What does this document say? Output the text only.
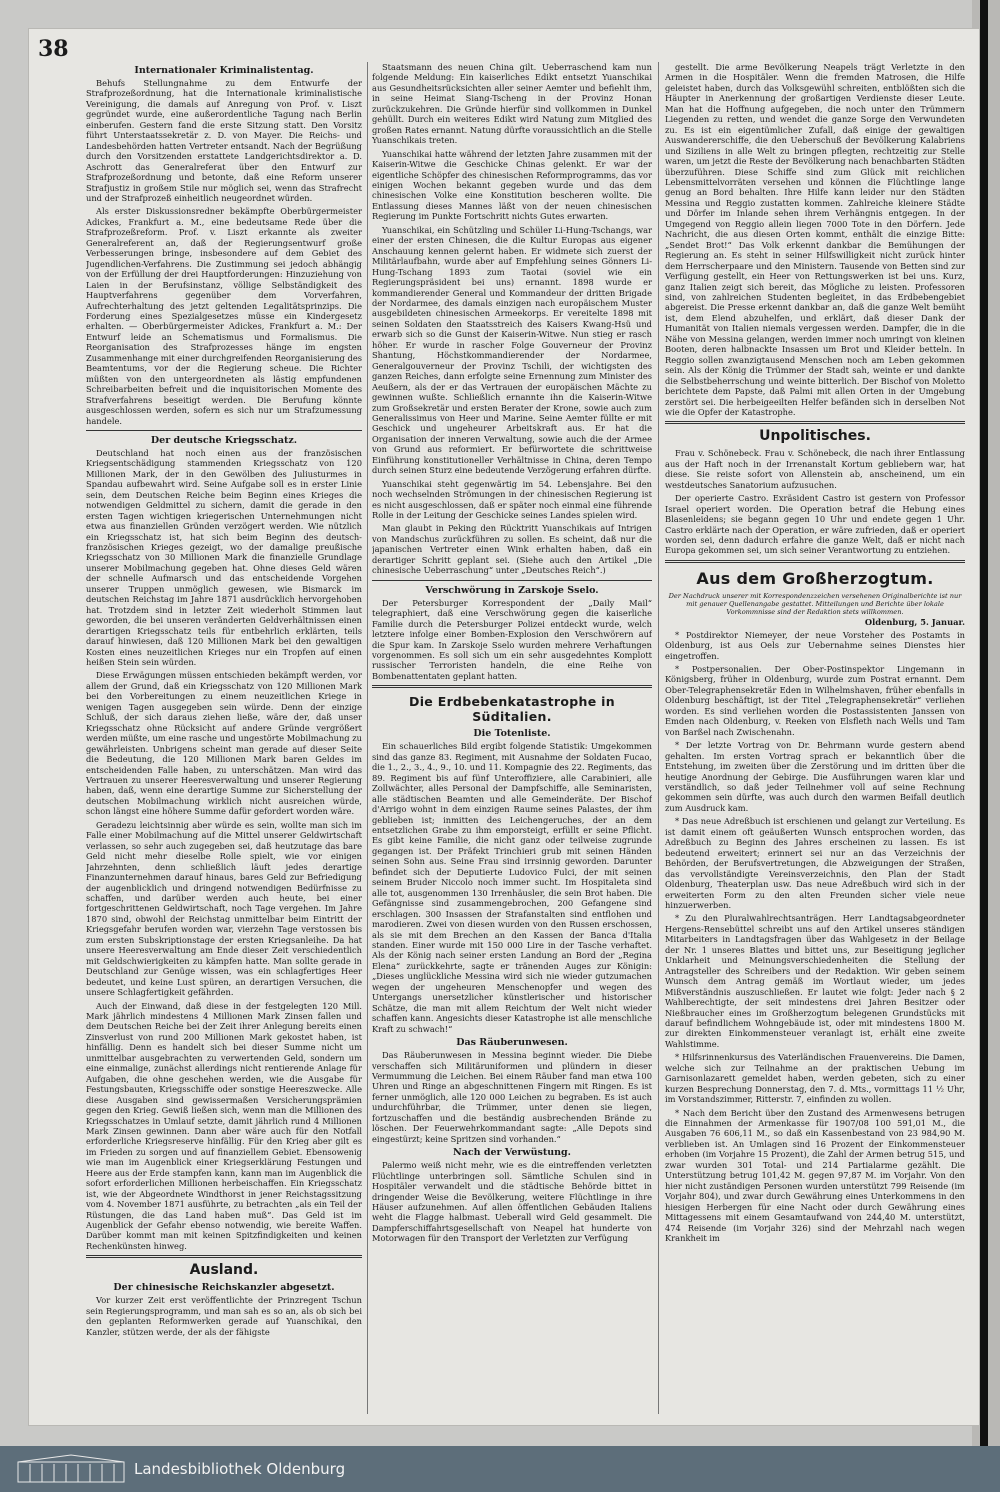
38
Internationaler Kriminalistentag.

Behufs Stellungnahme zu dem Entwurfe der Strafprozeßordnung, hat die Internationale kriminalistische Vereinigung, die damals auf Anregung von Prof. v. Liszt gegründet wurde, eine außerordentliche Tagung nach Berlin einberufen. Gestern fand die erste Sitzung statt. Den Vorsitz führt Unterstaatssekretär z. D. von Mayer. Die Reichs- und Landesbehörden hatten Vertreter entsandt. Nach der Begrüßung durch den Vorsitzenden erstattete Landgerichtsdirektor a. D. Aschrott das Generalreferat über den Entwurf zur Strafprozeßordnung und betonte, daß eine Reform unserer Strafjustiz in großem Stile nur möglich sei, wenn das Strafrecht und der Strafprozeß einheitlich neugeordnet würden.

Als erster Diskussionsredner bekämpfte Oberbürgermeister Adickes, Frankfurt a. M., eine bedeutsame Rede über die Strafprozeßreform. Prof. v. Liszt erkannte als zweiter Generalreferent an, daß der Regierungsentwurf große Verbesserungen bringe, insbesondere auf dem Gebiet des Jugendlichen-Verfahrens. Die Zustimmung sei jedoch abhängig von der Erfüllung der drei Hauptforderungen: Hinzuziehung von Laien in der Berufsinstanz, völlige Selbständigkeit des Hauptverfahrens gegenüber dem Vorverfahren, Aufrechterhaltung des jetzt geltenden Legalitätsprinzips. Die Forderung eines Spezialgesetzes müsse ein Kindergesetz erhalten. — Oberbürgermeister Adickes, Frankfurt a. M.: Der Entwurf leide an Schematismus und Formalismus. Die Reorganisation des Strafprozesses hänge im engsten Zusammenhange mit einer durchgreifenden Reorganisierung des Beamtentums, vor der die Regierung scheue. Die Richter müßten von den untergeordneten als lästig empfundenen Schreibarbeiten befreit und die inquisitorischen Momente des Strafverfahrens beseitigt werden. Die Berufung könnte ausgeschlossen werden, sofern es sich nur um Strafzumessung handele.

Der deutsche Kriegsschatz.

Deutschland hat noch einen aus der französischen Kriegsentschädigung stammenden Kriegsschatz von 120 Millionen Mark, der in den Gewölben des Juliusturmes in Spandau aufbewahrt wird. Seine Aufgabe soll es in erster Linie sein, dem Deutschen Reiche beim Beginn eines Krieges die notwendigen Geldmittel zu sichern, damit die gerade in den ersten Tagen wichtigen kriegerischen Unternehmungen nicht etwa aus finanziellen Gründen verzögert werden. Wie nützlich ein Kriegsschatz ist, hat sich beim Beginn des deutsch-französischen Krieges gezeigt, wo der damalige preußische Kriegsschatz von 30 Millionen Mark die finanzielle Grundlage unserer Mobilmachung gegeben hat. Ohne dieses Geld wären der schnelle Aufmarsch und das entscheidende Vorgehen unserer Truppen unmöglich gewesen, wie Bismarck im deutschen Reichstag im Jahre 1871 ausdrücklich hervorgehoben hat. Trotzdem sind in letzter Zeit wiederholt Stimmen laut geworden, die bei unseren veränderten Geldverhältnissen einen derartigen Kriegsschatz teils für entbehrlich erklärten, teils darauf hinwiesen, daß 120 Millionen Mark bei den gewaltigen Kosten eines neuzeitlichen Krieges nur ein Tropfen auf einen heißen Stein sein würden.

Diese Erwägungen müssen entschieden bekämpft werden, vor allem der Grund, daß ein Kriegsschatz von 120 Millionen Mark bei den Vorbereitungen zu einem neuzeitlichen Kriege in wenigen Tagen ausgegeben sein würde. Denn der einzige Schluß, der sich daraus ziehen ließe, wäre der, daß unser Kriegsschatz ohne Rücksicht auf andere Gründe vergrößert werden müßte, um eine rasche und ungestörte Mobilmachung zu gewährleisten. Unbrigens scheint man gerade auf dieser Seite die Bedeutung, die 120 Millionen Mark baren Geldes im entscheidenden Falle haben, zu unterschätzen. Man wird das Vertrauen zu unserer Heeresverwaltung und unserer Regierung haben, daß, wenn eine derartige Summe zur Sicherstellung der deutschen Mobilmachung wirklich nicht ausreichen würde, schon längst eine höhere Summe dafür gefordert worden wäre.

Geradezu leichtsinnig aber würde es sein, wollte man sich im Falle einer Mobilmachung auf die Mittel unserer Geldwirtschaft verlassen, so sehr auch zugegeben sei, daß heutzutage das bare Geld nicht mehr dieselbe Rolle spielt, wie vor einigen Jahrzehnten, denn schließlich läuft jedes derartige Finanzunternehmen darauf hinaus, bares Geld zur Befriedigung der augenblicklich und dringend notwendigen Bedürfnisse zu schaffen, und darüber werden auch heute, bei einer fortgeschrittenen Geldwirtschaft, noch Tage vergehen. Im Jahre 1870 sind, obwohl der Reichstag unmittelbar beim Eintritt der Kriegsgefahr berufen worden war, vierzehn Tage verstossen bis zum ersten Subskriptionstage der ersten Kriegsanleihe. Da hat unsere Heeresverwaltung am Ende dieser Zeit verschiedentlich mit Geldschwierigkeiten zu kämpfen hatte. Man sollte gerade in Deutschland zur Genüge wissen, was ein schlagfertiges Heer bedeutet, und keine Lust spüren, an derartigen Versuchen, die unsere Schlagfertigkeit gefährden.

Auch der Einwand, daß diese in der festgelegten 120 Mill. Mark jährlich mindestens 4 Millionen Mark Zinsen fallen und dem Deutschen Reiche bei der Zeit ihrer Anlegung bereits einen Zinsverlust von rund 200 Millionen Mark gekostet haben, ist hinfällig. Denn es handelt sich bei dieser Summe nicht um unmittelbar ausgebrachten zu verwertenden Geld, sondern um eine einmalige, zunächst allerdings nicht rentierende Anlage für Aufgaben, die ohne geschehen werden, wie die Ausgabe für Festungsbauten, Kriegsschiffe oder sonstige Heereszwecke. Alle diese Ausgaben sind gewissermaßen Versicherungsprämien gegen den Krieg. Gewiß ließen sich, wenn man die Millionen des Kriegsschatzes in Umlauf setzte, damit jährlich rund 4 Millionen Mark Zinsen gewinnen. Dann aber wäre auch für den Notfall erforderliche Kriegsreserve hinfällig. Für den Krieg aber gilt es im Frieden zu sorgen und auf finanziellem Gebiet. Ebensowenig wie man im Augenblick einer Kriegserklärung Festungen und Heere aus der Erde stampfen kann, kann man im Augenblick die sofort erforderlichen Millionen herbeischaffen. Ein Kriegsschatz ist, wie der Abgeordnete Windthorst in jener Reichstagssitzung vom 4. November 1871 ausführte, zu betrachten „als ein Teil der Rüstungen, die das Land haben muß“. Das Geld ist im Augenblick der Gefahr ebenso notwendig, wie bereite Waffen. Darüber kommt man mit keinen Spitzfindigkeiten und keinen Rechenkünsten hinweg.

Ausland.
Der chinesische Reichskanzler abgesetzt.

Vor kurzer Zeit erst veröffentlichte der Prinzregent Tschun sein Regierungsprogramm, und man sah es so an, als ob sich bei den geplanten Reformwerken gerade auf Yuanschikai, den Kanzler, stützen werde, der als der fähigste

Staatsmann des neuen China gilt. Ueberraschend kam nun folgende Meldung: Ein kaiserliches Edikt entsetzt Yuanschikai aus Gesundheitsrücksichten aller seiner Aemter und befiehlt ihm, in seine Heimat Siang-Tscheng in der Provinz Honan zurückzukehren. Die Gründe hierfür sind vollkommen in Dunkel gehüllt. Durch ein weiteres Edikt wird Natung zum Mitglied des großen Rates ernannt. Natung dürfte voraussichtlich an die Stelle Yuanschikais treten.

Yuanschikai hatte während der letzten Jahre zusammen mit der Kaiserin-Witwe die Geschicke Chinas gelenkt. Er war der eigentliche Schöpfer des chinesischen Reformprogramms, das vor einigen Wochen bekannt gegeben wurde und das dem chinesischen Volke eine Konstitution bescheren wollte. Die Entlassung dieses Mannes läßt von der neuen chinesischen Regierung im Punkte Fortschritt nichts Gutes erwarten.

Yuanschikai, ein Schützling und Schüler Li-Hung-Tschangs, war einer der ersten Chinesen, die die Kultur Europas aus eigener Anschauung kennen gelernt haben. Er widmete sich zuerst der Militärlaufbahn, wurde aber auf Empfehlung seines Gönners Li-Hung-Tschang 1893 zum Taotai (soviel wie ein Regierungspräsident bei uns) ernannt. 1898 wurde er kommandierender General und Kommandeur der dritten Brigade der Nordarmee, des damals einzigen nach europäischem Muster ausgebildeten chinesischen Armeekorps. Er vereitelte 1898 mit seinen Soldaten den Staatsstreich des Kaisers Kwang-Hsü und erwarb sich so die Gunst der Kaiserin-Witwe. Nun stieg er rasch höher. Er wurde in rascher Folge Gouverneur der Provinz Shantung, Höchstkommandierender der Nordarmee, Generalgouverneur der Provinz Tschili, der wichtigsten des ganzen Reiches, dann erfolgte seine Ernennung zum Minister des Aeußern, als der er das Vertrauen der europäischen Mächte zu gewinnen wußte. Schließlich ernannte ihn die Kaiserin-Witwe zum Großsekretär und ersten Berater der Krone, sowie auch zum Generalissimus von Heer und Marine. Seine Aemter füllte er mit Geschick und ungeheurer Arbeitskraft aus. Er hat die Organisation der inneren Verwaltung, sowie auch die der Armee von Grund aus reformiert. Er befürwortete die schrittweise Einführung konstitutioneller Verhältnisse in China, deren Tempo durch seinen Sturz eine bedeutende Verzögerung erfahren dürfte.

Yuanschikai steht gegenwärtig im 54. Lebensjahre. Bei den noch wechselnden Strömungen in der chinesischen Regierung ist es nicht ausgeschlossen, daß er später noch einmal eine führende Rolle in der Leitung der Geschicke seines Landes spielen wird.

Man glaubt in Peking den Rücktritt Yuanschikais auf Intrigen von Mandschus zurückführen zu sollen. Es scheint, daß nur die japanischen Vertreter einen Wink erhalten haben, daß ein derartiger Schritt geplant sei. (Siehe auch den Artikel „Die chinesische Ueberraschung“ unter „Deutsches Reich“.)

Verschwörung in Zarskoje Sselo.

Der Petersburger Korrespondent der „Daily Mail“ telegraphiert, daß eine Verschwörung gegen die kaiserliche Familie durch die Petersburger Polizei entdeckt wurde, welch letztere infolge einer Bomben-Explosion den Verschwörern auf die Spur kam. In Zarskoje Sselo wurden mehrere Verhaftungen vorgenommen. Es soll sich um ein sehr ausgedehntes Komplott russischer Terroristen handeln, die eine Reihe von Bombenattentaten geplant hatten.

Die Erdbebenkatastrophe in Süditalien.
Die Totenliste.

Ein schauerliches Bild ergibt folgende Statistik: Umgekommen sind das ganze 83. Regiment, mit Ausnahme der Soldaten Fucao, die 1., 2., 3., 4., 9., 10. und 11. Kompagnie des 22. Regiments, das 89. Regiment bis auf fünf Unteroffiziere, alle Carabinieri, alle Zollwächter, alles Personal der Dampfschiffe, alle Seminaristen, alle städtischen Beamten und alle Gemeinderäte. Der Bischof d'Arrigo wohnt in dem einzigen Raume seines Palastes, der ihm geblieben ist; inmitten des Leichengeruches, der an dem entsetzlichen Grabe zu ihm emporsteigt, erfüllt er seine Pflicht. Es gibt keine Familie, die nicht ganz oder teilweise zugrunde gegangen ist. Der Präfekt Trinchieri grub mit seinen Händen seinen Sohn aus. Seine Frau sind irrsinnig geworden. Darunter befindet sich der Deputierte Ludovico Fulci, der mit seinen seinem Bruder Niccolo noch immer sucht. Im Hospitaleta sind alle tot, ausgenommen 130 Irrenhäusler, die sein Brot haben. Die Gefängnisse sind zusammengebrochen, 200 Gefangene sind erschlagen. 300 Insassen der Strafanstalten sind entflohen und marodieren. Zwei von diesen wurden von den Russen erschossen, als sie mit dem Brechen an den Kassen der Banca d'Italia standen. Einer wurde mit 150 000 Lire in der Tasche verhaftet. Als der König nach seiner ersten Landung an Bord der „Regina Elena“ zurückkehrte, sagte er tränenden Auges zur Königin: „Dieses unglückliche Messina wird sich nie wieder gutzumachen wegen der ungeheuren Menschenopfer und wegen des Untergangs unersetzlicher künstlerischer und historischer Schätze, die man mit allem Reichtum der Welt nicht wieder schaffen kann. Angesichts dieser Katastrophe ist alle menschliche Kraft zu schwach!“

Das Räuberunwesen.

Das Räuberunwesen in Messina beginnt wieder. Die Diebe verschaffen sich Militäruniformen und plündern in dieser Vermummung die Leichen. Bei einem Räuber fand man etwa 100 Uhren und Ringe an abgeschnittenen Fingern mit Ringen. Es ist ferner unmöglich, alle 120 000 Leichen zu begraben. Es ist auch undurchführbar, die Trümmer, unter denen sie liegen, fortzuschaffen und die beständig ausbrechenden Brände zu löschen. Der Feuerwehrkommandant sagte: „Alle Depots sind eingestürzt; keine Spritzen sind vorhanden.“

Nach der Verwüstung.

Palermo weiß nicht mehr, wie es die eintreffenden verletzten Flüchtlinge unterbringen soll. Sämtliche Schulen sind in Hospitäler verwandelt und die städtische Behörde bittet in dringender Weise die Bevölkerung, weitere Flüchtlinge in ihre Häuser aufzunehmen. Auf allen öffentlichen Gebäuden Italiens weht die Flagge halbmast. Ueberall wird Geld gesammelt. Die Dampferschiffahrtsgesellschaft von Neapel hat hunderte von Motorwagen für den Transport der Verletzten zur Verfügung

gestellt. Die arme Bevölkerung Neapels trägt Verletzte in den Armen in die Hospitäler. Wenn die fremden Matrosen, die Hilfe geleistet haben, durch das Volksgewühl schreiten, entblößten sich die Häupter in Anerkennung der großartigen Verdienste dieser Leute. Man hat die Hoffnung aufgegeben, die noch unter den Trümmern Liegenden zu retten, und wendet die ganze Sorge den Verwundeten zu. Es ist ein eigentümlicher Zufall, daß einige der gewaltigen Auswandererschiffe, die den Ueberschuß der Bevölkerung Kalabriens und Siziliens in alle Welt zu bringen pflegten, rechtzeitig zur Stelle waren, um jetzt die Reste der Bevölkerung nach benachbarten Städten überzuführen. Diese Schiffe sind zum Glück mit reichlichen Lebensmittelvorräten versehen und können die Flüchtlinge lange genug an Bord behalten. Ihre Hilfe kann leider nur den Städten Messina und Reggio zustatten kommen. Zahlreiche kleinere Städte und Dörfer im Inlande sehen ihrem Verhängnis entgegen. In der Umgegend von Reggio allein liegen 7000 Tote in den Dörfern. Jede Nachricht, die aus diesen Orten kommt, enthält die einzige Bitte: „Sendet Brot!“ Das Volk erkennt dankbar die Bemühungen der Regierung an. Es steht in seiner Hilfswilligkeit nicht zurück hinter dem Herrscherpaare und den Ministern. Tausende von Betten sind zur Verfügung gestellt, ein Heer von Rettungswerken ist bei uns. Kurz, ganz Italien zeigt sich bereit, das Mögliche zu leisten. Professoren sind, von zahlreichen Studenten begleitet, in das Erdbebengebiet abgereist. Die Presse erkennt dankbar an, daß die ganze Welt bemüht ist, dem Elend abzuhelfen, und erklärt, daß dieser Dank der Humanität von Italien niemals vergessen werden. Dampfer, die in die Nähe von Messina gelangen, werden immer noch umringt von kleinen Booten, deren halbnackte Insassen um Brot und Kleider betteln. In Reggio sollen zwanzigtausend Menschen noch am Leben gekommen sein. Als der König die Trümmer der Stadt sah, weinte er und dankte die Selbstbeherrschung und weinte bitterlich. Der Bischof von Moletto berichtete dem Papste, daß Palmi mit allen Orten in der Umgebung zerstört sei. Die herbeigeeilten Helfer befänden sich in derselben Not wie die Opfer der Katastrophe.

Unpolitisches.

Frau v. Schönebeck. Frau v. Schönebeck, die nach ihrer Entlassung aus der Haft noch in der Irrenanstalt Kortum gebliebern war, hat diese. Sie reiste sofort von Allenstein ab, anscheinend, um ein westdeutsches Sanatorium aufzusuchen.

Der operierte Castro. Exräsident Castro ist gestern von Professor Israel operiert worden. Die Operation betraf die Hebung eines Blasenleidens; sie begann gegen 10 Uhr und endete gegen 1 Uhr. Castro erklärte nach der Operation, er wäre zufrieden, daß er operiert worden sei, denn dadurch erfahre die ganze Welt, daß er nicht nach Europa gekommen sei, um sich seiner Verantwortung zu entziehen.

Aus dem Großherzogtum.

Der Nachdruck unserer mit Korrespondenzzeichen versehenen Originalberichte ist nur mit genauer Quellenangabe gestattet. Mitteilungen und Berichte über lokale Vorkommnisse sind der Redaktion stets willkommen.

Oldenburg, 5. Januar.

* Postdirektor Niemeyer, der neue Vorsteher des Postamts in Oldenburg, ist aus Oels zur Uebernahme seines Dienstes hier eingetroffen.

* Postpersonalien. Der Ober-Postinspektor Lingemann in Königsberg, früher in Oldenburg, wurde zum Postrat ernannt. Dem Ober-Telegraphensekretär Eden in Wilhelmshaven, früher ebenfalls in Oldenburg beschäftigt, ist der Titel „Telegraphensekretär“ verliehen worden. Es sind verliehen worden die Postassistenten Janssen von Emden nach Oldenburg, v. Reeken von Elsfleth nach Wells und Tam von Barßel nach Zwischenahn.

* Der letzte Vortrag von Dr. Behrmann wurde gestern abend gehalten. Im ersten Vortrag sprach er bekanntlich über die Entstehung, im zweiten über die Zerstörung und im dritten über die heutige Anordnung der Gebirge. Die Ausführungen waren klar und verständlich, so daß jeder Teilnehmer voll auf seine Rechnung gekommen sein dürfte, was auch durch den warmen Beifall deutlich zum Ausdruck kam.

* Das neue Adreßbuch ist erschienen und gelangt zur Verteilung. Es ist damit einem oft geäußerten Wunsch entsprochen worden, das Adreßbuch zu Beginn des Jahres erscheinen zu lassen. Es ist bedeutend erweitert; erinnert sei nur an das Verzeichnis der Behörden, der Berufsvertretungen, die Abzweigungen der Straßen, das vervollständigte Vereinsverzeichnis, den Plan der Stadt Oldenburg, Theaterplan usw. Das neue Adreßbuch wird sich in der erweiterten Form zu den alten Freunden sicher viele neue hinzuerwerben.

* Zu den Pluralwahlrechtsanträgen. Herr Landtagsabgeordneter Hergens-Rensebüttel schreibt uns auf den Artikel unseres ständigen Mitarbeiters in Landtagsfragen über das Wahlgesetz in der Beilage der Nr. 1 unseres Blattes und bittet uns, zur Beseitigung jeglicher Unklarheit und Meinungsverschiedenheiten die Stellung der Antragsteller des Schreibers und der Redaktion. Wir geben seinem Wunsch dem Antrag gemäß im Wortlaut wieder, um jedes Mißverständnis auszuschließen. Er lautet wie folgt: Jeder nach § 2 Wahlberechtigte, der seit mindestens drei Jahren Besitzer oder Nießbraucher eines im Großherzogtum belegenen Grundstücks mit darauf befindlichem Wohngebäude ist, oder mit mindestens 1800 M. zur direkten Einkommensteuer veranlagt ist, erhält eine zweite Wahlstimme.

* Hilfsrinnenkursus des Vaterländischen Frauenvereins. Die Damen, welche sich zur Teilnahme an der praktischen Uebung im Garnisonlazarett gemeldet haben, werden gebeten, sich zu einer kurzen Besprechung Donnerstag, den 7. d. Mts., vormittags 11 ½ Uhr, im Vorstandszimmer, Ritterstr. 7, einfinden zu wollen.

* Nach dem Bericht über den Zustand des Armenwesens betrugen die Einnahmen der Armenkasse für 1907/08 100 591,01 M., die Ausgaben 76 606,11 M., so daß ein Kassenbestand von 23 984,90 M. verblieben ist. An Umlagen sind 16 Prozent der Einkommensteuer erhoben (im Vorjahre 15 Prozent), die Zahl der Armen betrug 515, und zwar wurden 301 Total- und 214 Partialarme gezählt. Die Unterstützung betrug 101,42 M. gegen 97,87 M. im Vorjahr. Von den hier nicht zuständigen Personen wurden unterstützt 799 Reisende (im Vorjahr 804), und zwar durch Gewährung eines Unterkommens in den hiesigen Herbergen für eine Nacht oder durch Gewährung eines Mittagessens mit einem Gesamtaufwand von 244,40 M. unterstützt, 474 Reisende (im Vorjahr 326) sind der Mehrzahl nach wegen Krankheit im

Landesbibliothek Oldenburg
